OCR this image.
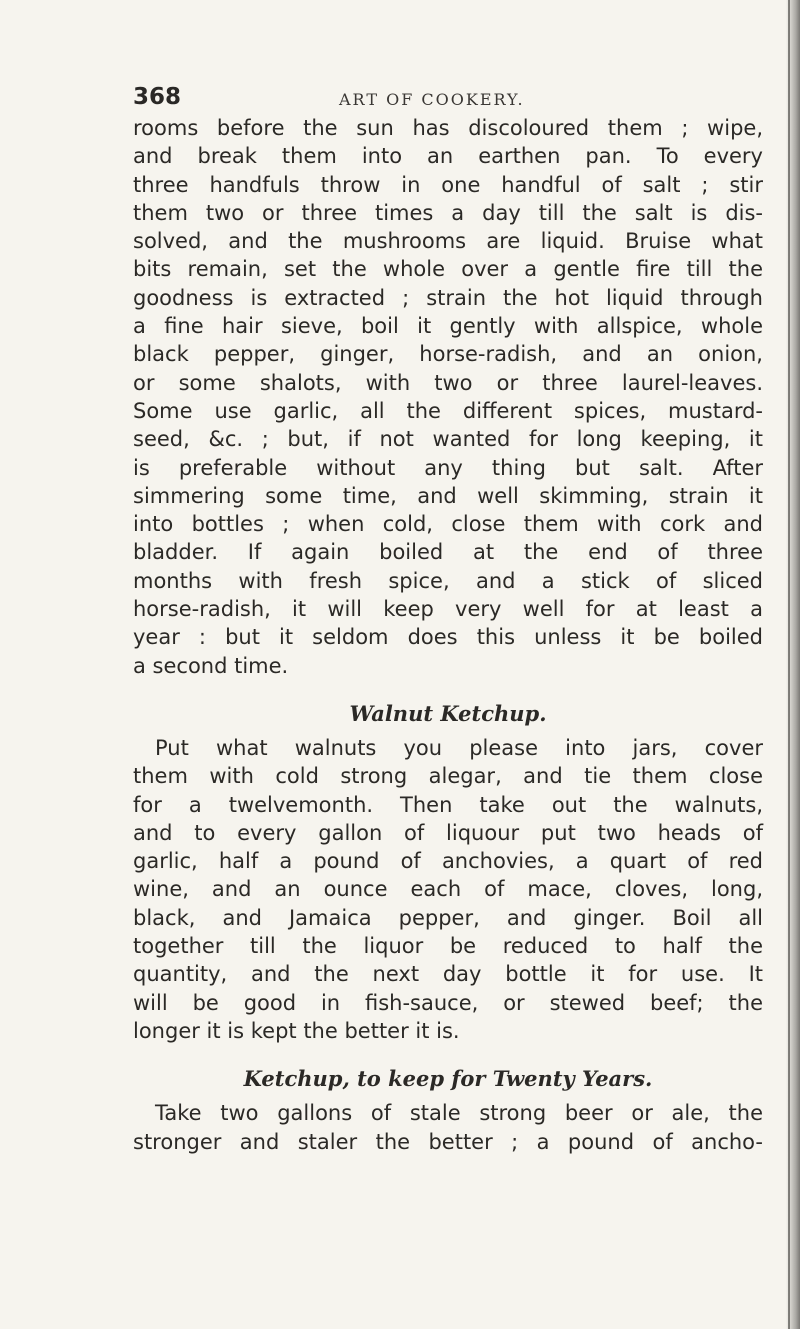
368	ART OF COOKERY.
rooms before the sun has discoloured them ; wipe,
and break them into an earthen pan. To every
three handfuls throw in one handful of salt ; stir
them two or three times a day till the salt is dis-
solved, and the mushrooms are liquid. Bruise what
bits remain, set the whole over a gentle fire till the
goodness is extracted ; strain the hot liquid through
a fine hair sieve, boil it gently with allspice, whole
black pepper, ginger, horse-radish, and an onion,
or some shalots, with two or three laurel-leaves.
Some use garlic, all the different spices, mustard-
seed, &c. ; but, if not wanted for long keeping, it
is preferable without any thing but salt. After
simmering some time, and well skimming, strain it
into bottles ; when cold, close them with cork and
bladder. If again boiled at the end of three
months with fresh spice, and a stick of sliced
horse-radish, it will keep very well for at least a
year : but it seldom does this unless it be boiled
a second time.
Walnut Ketchup.
Put what walnuts you please into jars, cover
them with cold strong alegar, and tie them close
for a twelvemonth. Then take out the walnuts,
and to every gallon of liquour put two heads of
garlic, half a pound of anchovies, a quart of red
wine, and an ounce each of mace, cloves, long,
black, and Jamaica pepper, and ginger. Boil all
together till the liquor be reduced to half the
quantity, and the next day bottle it for use. It
will be good in fish-sauce, or stewed beef; the
longer it is kept the better it is.
Ketchup, to keep for Twenty Years.
Take two gallons of stale strong beer or ale, the
stronger and staler the better ; a pound of ancho-
